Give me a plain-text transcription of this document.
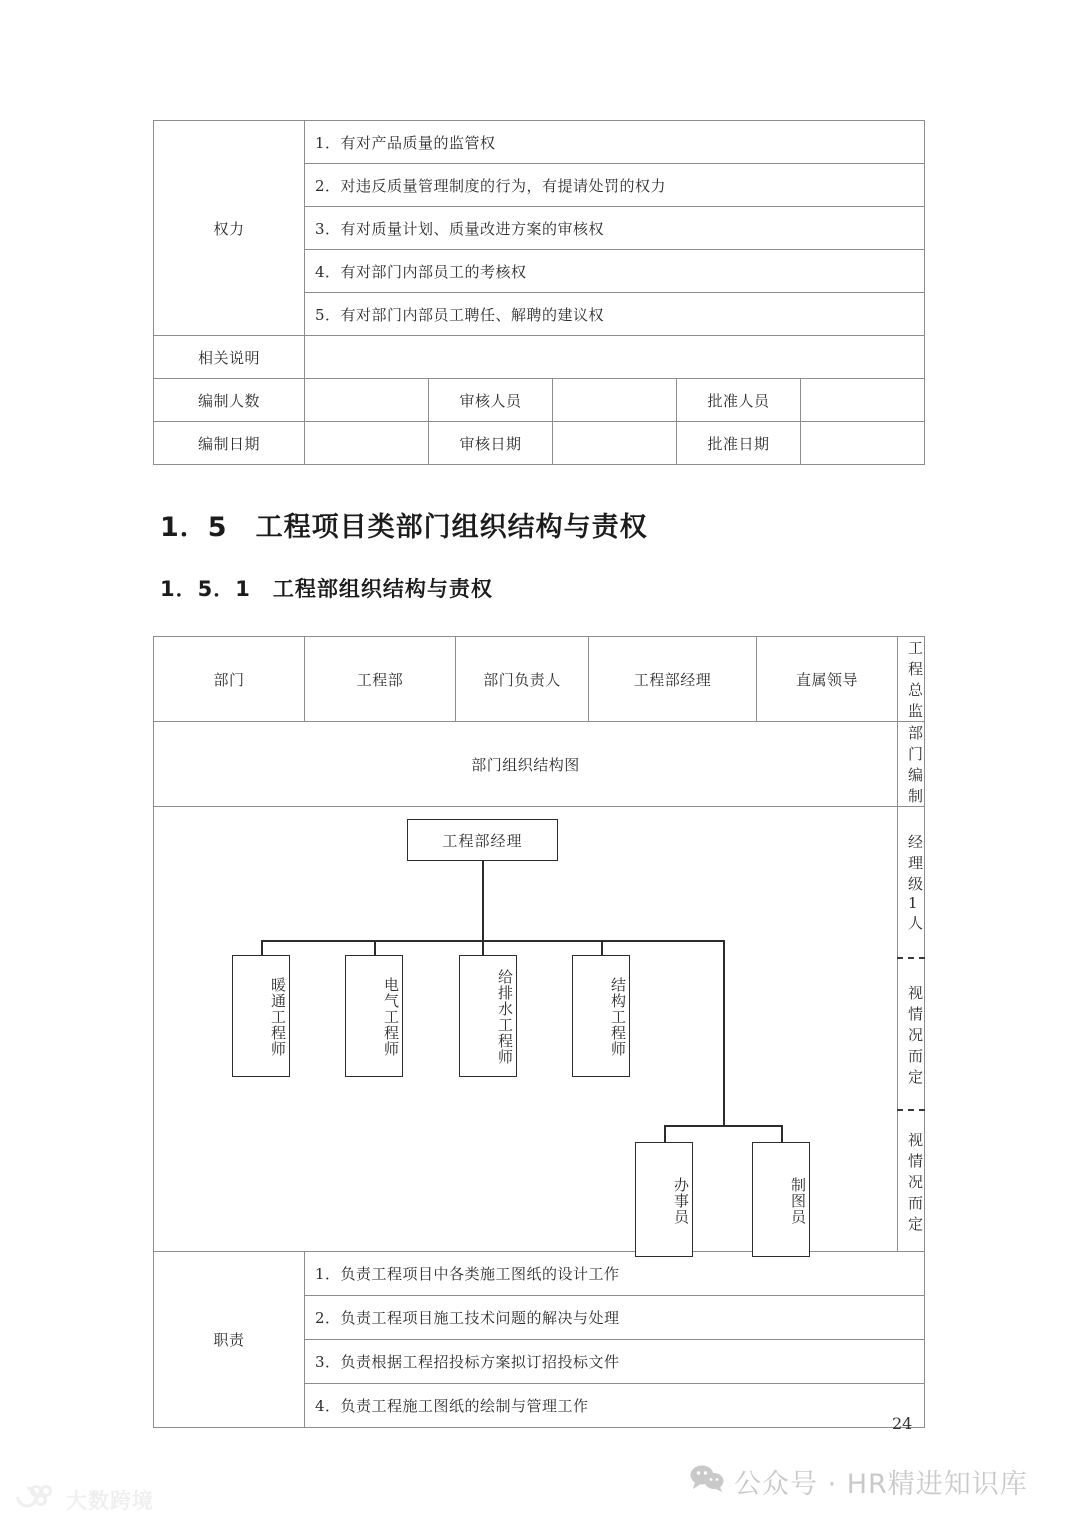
权力	1．有对产品质量的监管权				
	2．对违反质量管理制度的行为，有提请处罚的权力				
	3．有对质量计划、质量改进方案的审核权				
	4．有对部门内部员工的考核权				
	5．有对部门内部员工聘任、解聘的建议权				
相关说明					
编制人数		审核人员		批准人员	
编制日期		审核日期		批准日期	
1．5　工程项目类部门组织结构与责权
1．5．1　工程部组织结构与责权
部门	工程部	部门负责人	工程部经理	直属领导	工程总监
部门组织结构图					部门编制

工程部经理
暖通工程师	电气工程师	给排水工程师	结构工程师
办事员	制图员
	经理级 1 人
					视情况而定
					视情况而定
职责	1．负责工程项目中各类施工图纸的设计工作				
	2．负责工程项目施工技术问题的解决与处理				
	3．负责根据工程招投标方案拟订招投标文件				
	4．负责工程施工图纸的绘制与管理工作				
24
公众号 · HR精进知识库
大数跨境
